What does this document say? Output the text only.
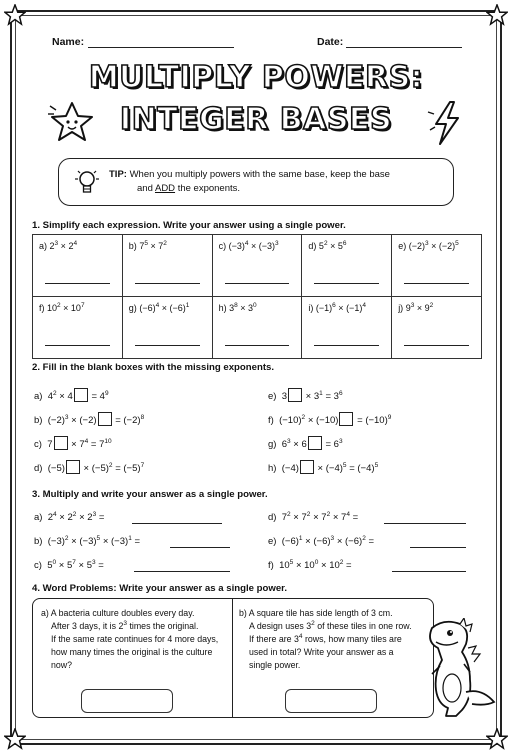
Name:	Date:
MULTIPLY POWERS:
INTEGER BASES
TIP: When you multiply powers with the same base, keep the base
and ADD the exponents.
1. Simplify each expression. Write your answer using a single power.
a) $2^3 \times 2^4$	b) $7^5 \times 7^2$	c) $(-3)^4 \times (-3)^3$	d) $5^2 \times 5^6$	e) $(-2)^3 \times (-2)^5$

f) $10^2 \times 10^7$	g) $(-6)^4 \times (-6)^1$	h) $3^8 \times 3^0$	i) $(-1)^6 \times (-1)^4$	j) $9^3 \times 9^2$
2. Fill in the blank boxes with the missing exponents.
a) $4^2 \times 4 = 4^9$
b) $(-2)^3 \times (-2) = (-2)^8$
c) $7 \times 7^4 = 7^{10}$
d) $(-5) \times (-5)^2 = (-5)^7$
e) $3 \times 3^1 = 3^6$
f) $(-10)^2 \times (-10) = (-10)^9$
g) $6^3 \times 6 = 6^3$
h) $(-4) \times (-4)^5 = (-4)^5$
3. Multiply and write your answer as a single power.
a) $2^4 \times 2^2 \times 2^3$ =
b) $(-3)^2 \times (-3)^5 \times (-3)^1$ =
c) $5^0 \times 5^7 \times 5^3$ =
d) $7^2 \times 7^2 \times 7^2 \times 7^4$ =
e) $(-6)^1 \times (-6)^3 \times (-6)^2$ =
f) $10^5 \times 10^0 \times 10^2$ =
4. Word Problems: Write your answer as a single power.
a) A bacteria culture doubles every day.
After 3 days, it is $2^3$ times the original.
If the same rate continues for 4 more days,
how many times the original is the culture
now?
b) A square tile has side length of 3 cm.
A design uses $3^2$ of these tiles in one row.
If there are $3^4$ rows, how many tiles are
used in total? Write your answer as a
single power.
